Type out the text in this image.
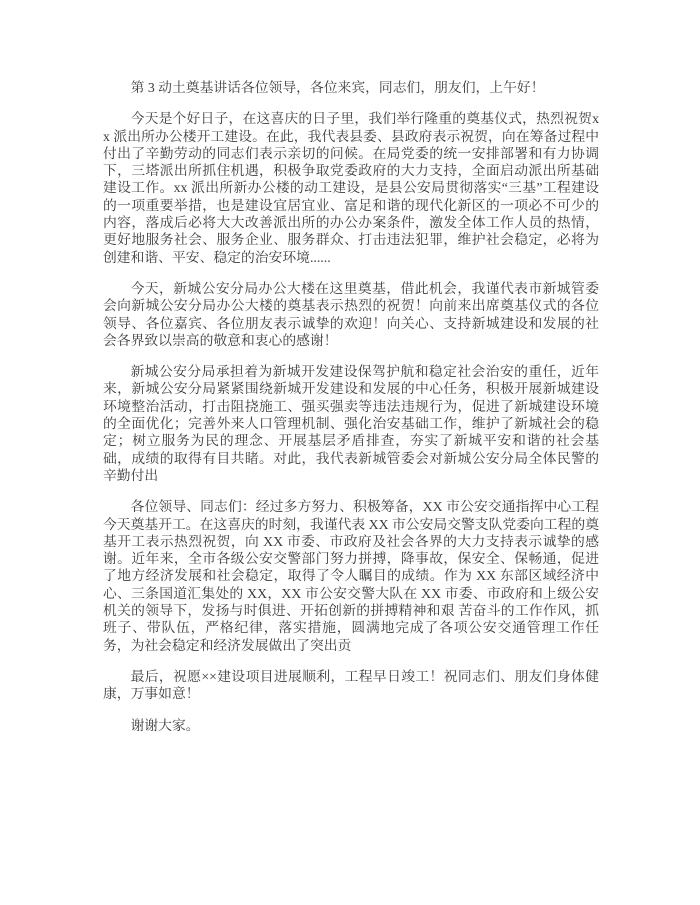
第 3 动土奠基讲话各位领导，各位来宾，同志们，朋友们，上午好！

今天是个好日子，在这喜庆的日子里，我们举行隆重的奠基仪式，热烈祝贺xx 派出所办公楼开工建设。在此，我代表县委、县政府表示祝贺，向在筹备过程中付出了辛勤劳动的同志们表示亲切的问候。在局党委的统一安排部署和有力协调下，三塔派出所抓住机遇，积极争取党委政府的大力支持，全面启动派出所基础建设工作。xx 派出所新办公楼的动工建设，是县公安局贯彻落实“三基”工程建设的一项重要举措，也是建设宜居宜业、富足和谐的现代化新区的一项必不可少的内容，落成后必将大大改善派出所的办公办案条件，激发全体工作人员的热情，更好地服务社会、服务企业、服务群众、打击违法犯罪，维护社会稳定，必将为创建和谐、平安、稳定的治安环境......

今天，新城公安分局办公大楼在这里奠基，借此机会，我谨代表市新城管委会向新城公安分局办公大楼的奠基表示热烈的祝贺！向前来出席奠基仪式的各位领导、各位嘉宾、各位朋友表示诚挚的欢迎！向关心、支持新城建设和发展的社会各界致以崇高的敬意和衷心的感谢！

新城公安分局承担着为新城开发建设保驾护航和稳定社会治安的重任，近年来，新城公安分局紧紧围绕新城开发建设和发展的中心任务，积极开展新城建设环境整治活动，打击阻挠施工、强买强卖等违法违规行为，促进了新城建设环境的全面优化；完善外来人口管理机制、强化治安基础工作，维护了新城社会的稳定；树立服务为民的理念、开展基层矛盾排查，夯实了新城平安和谐的社会基础，成绩的取得有目共睹。对此，我代表新城管委会对新城公安分局全体民警的辛勤付出

各位领导、同志们：经过多方努力、积极筹备，XX 市公安交通指挥中心工程今天奠基开工。在这喜庆的时刻，我谨代表 XX 市公安局交警支队党委向工程的奠基开工表示热烈祝贺，向 XX 市委、市政府及社会各界的大力支持表示诚挚的感谢。近年来，全市各级公安交警部门努力拼搏，降事故，保安全、保畅通，促进了地方经济发展和社会稳定，取得了令人瞩目的成绩。作为 XX 东部区域经济中心、三条国道汇集处的 XX，XX 市公安交警大队在 XX 市委、市政府和上级公安机关的领导下，发扬与时俱进、开拓创新的拼搏精神和艰 苦奋斗的工作作风，抓班子、带队伍，严格纪律，落实措施，圆满地完成了各项公安交通管理工作任务，为社会稳定和经济发展做出了突出贡

最后，祝愿××建设项目进展顺利，工程早日竣工！祝同志们、朋友们身体健康，万事如意！

谢谢大家。
